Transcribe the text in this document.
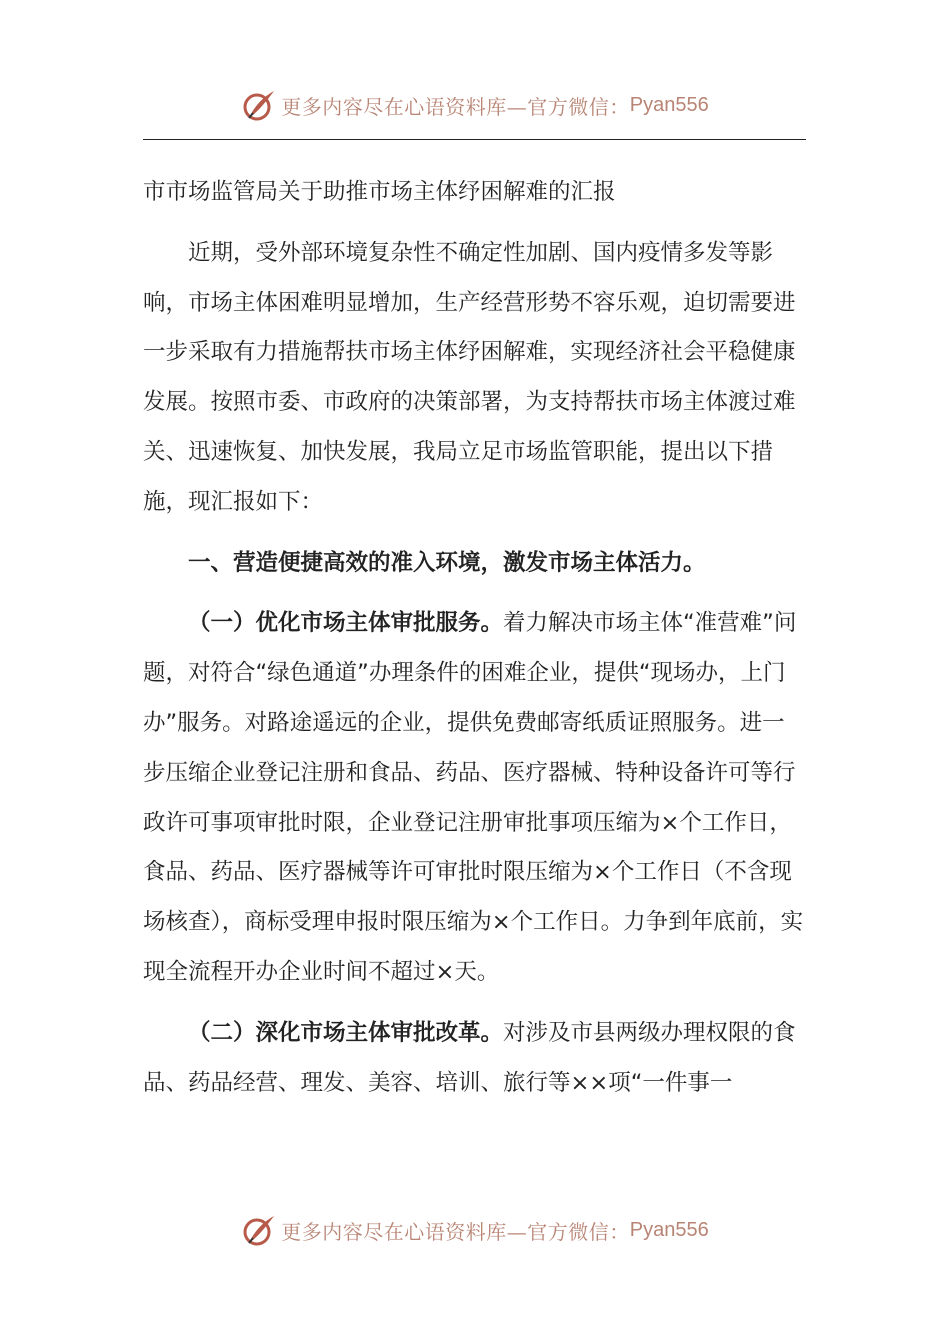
更多内容尽在心语资料库—官方微信： Pyan556

市市场监管局关于助推市场主体纾困解难的汇报

近期，受外部环境复杂性不确定性加剧、国内疫情多发等影响，市场主体困难明显增加，生产经营形势不容乐观，迫切需要进一步采取有力措施帮扶市场主体纾困解难，实现经济社会平稳健康发展。按照市委、市政府的决策部署，为支持帮扶市场主体渡过难关、迅速恢复、加快发展，我局立足市场监管职能，提出以下措施，现汇报如下：

一、营造便捷高效的准入环境，激发市场主体活力。

（一）优化市场主体审批服务。着力解决市场主体“准营难”问题，对符合“绿色通道”办理条件的困难企业，提供“现场办，上门办”服务。对路途遥远的企业，提供免费邮寄纸质证照服务。进一步压缩企业登记注册和食品、药品、医疗器械、特种设备许可等行政许可事项审批时限，企业登记注册审批事项压缩为×个工作日，食品、药品、医疗器械等许可审批时限压缩为×个工作日（不含现场核查），商标受理申报时限压缩为×个工作日。力争到年底前，实现全流程开办企业时间不超过×天。

（二）深化市场主体审批改革。对涉及市县两级办理权限的食品、药品经营、理发、美容、培训、旅行等××项“一件事一

更多内容尽在心语资料库—官方微信： Pyan556
